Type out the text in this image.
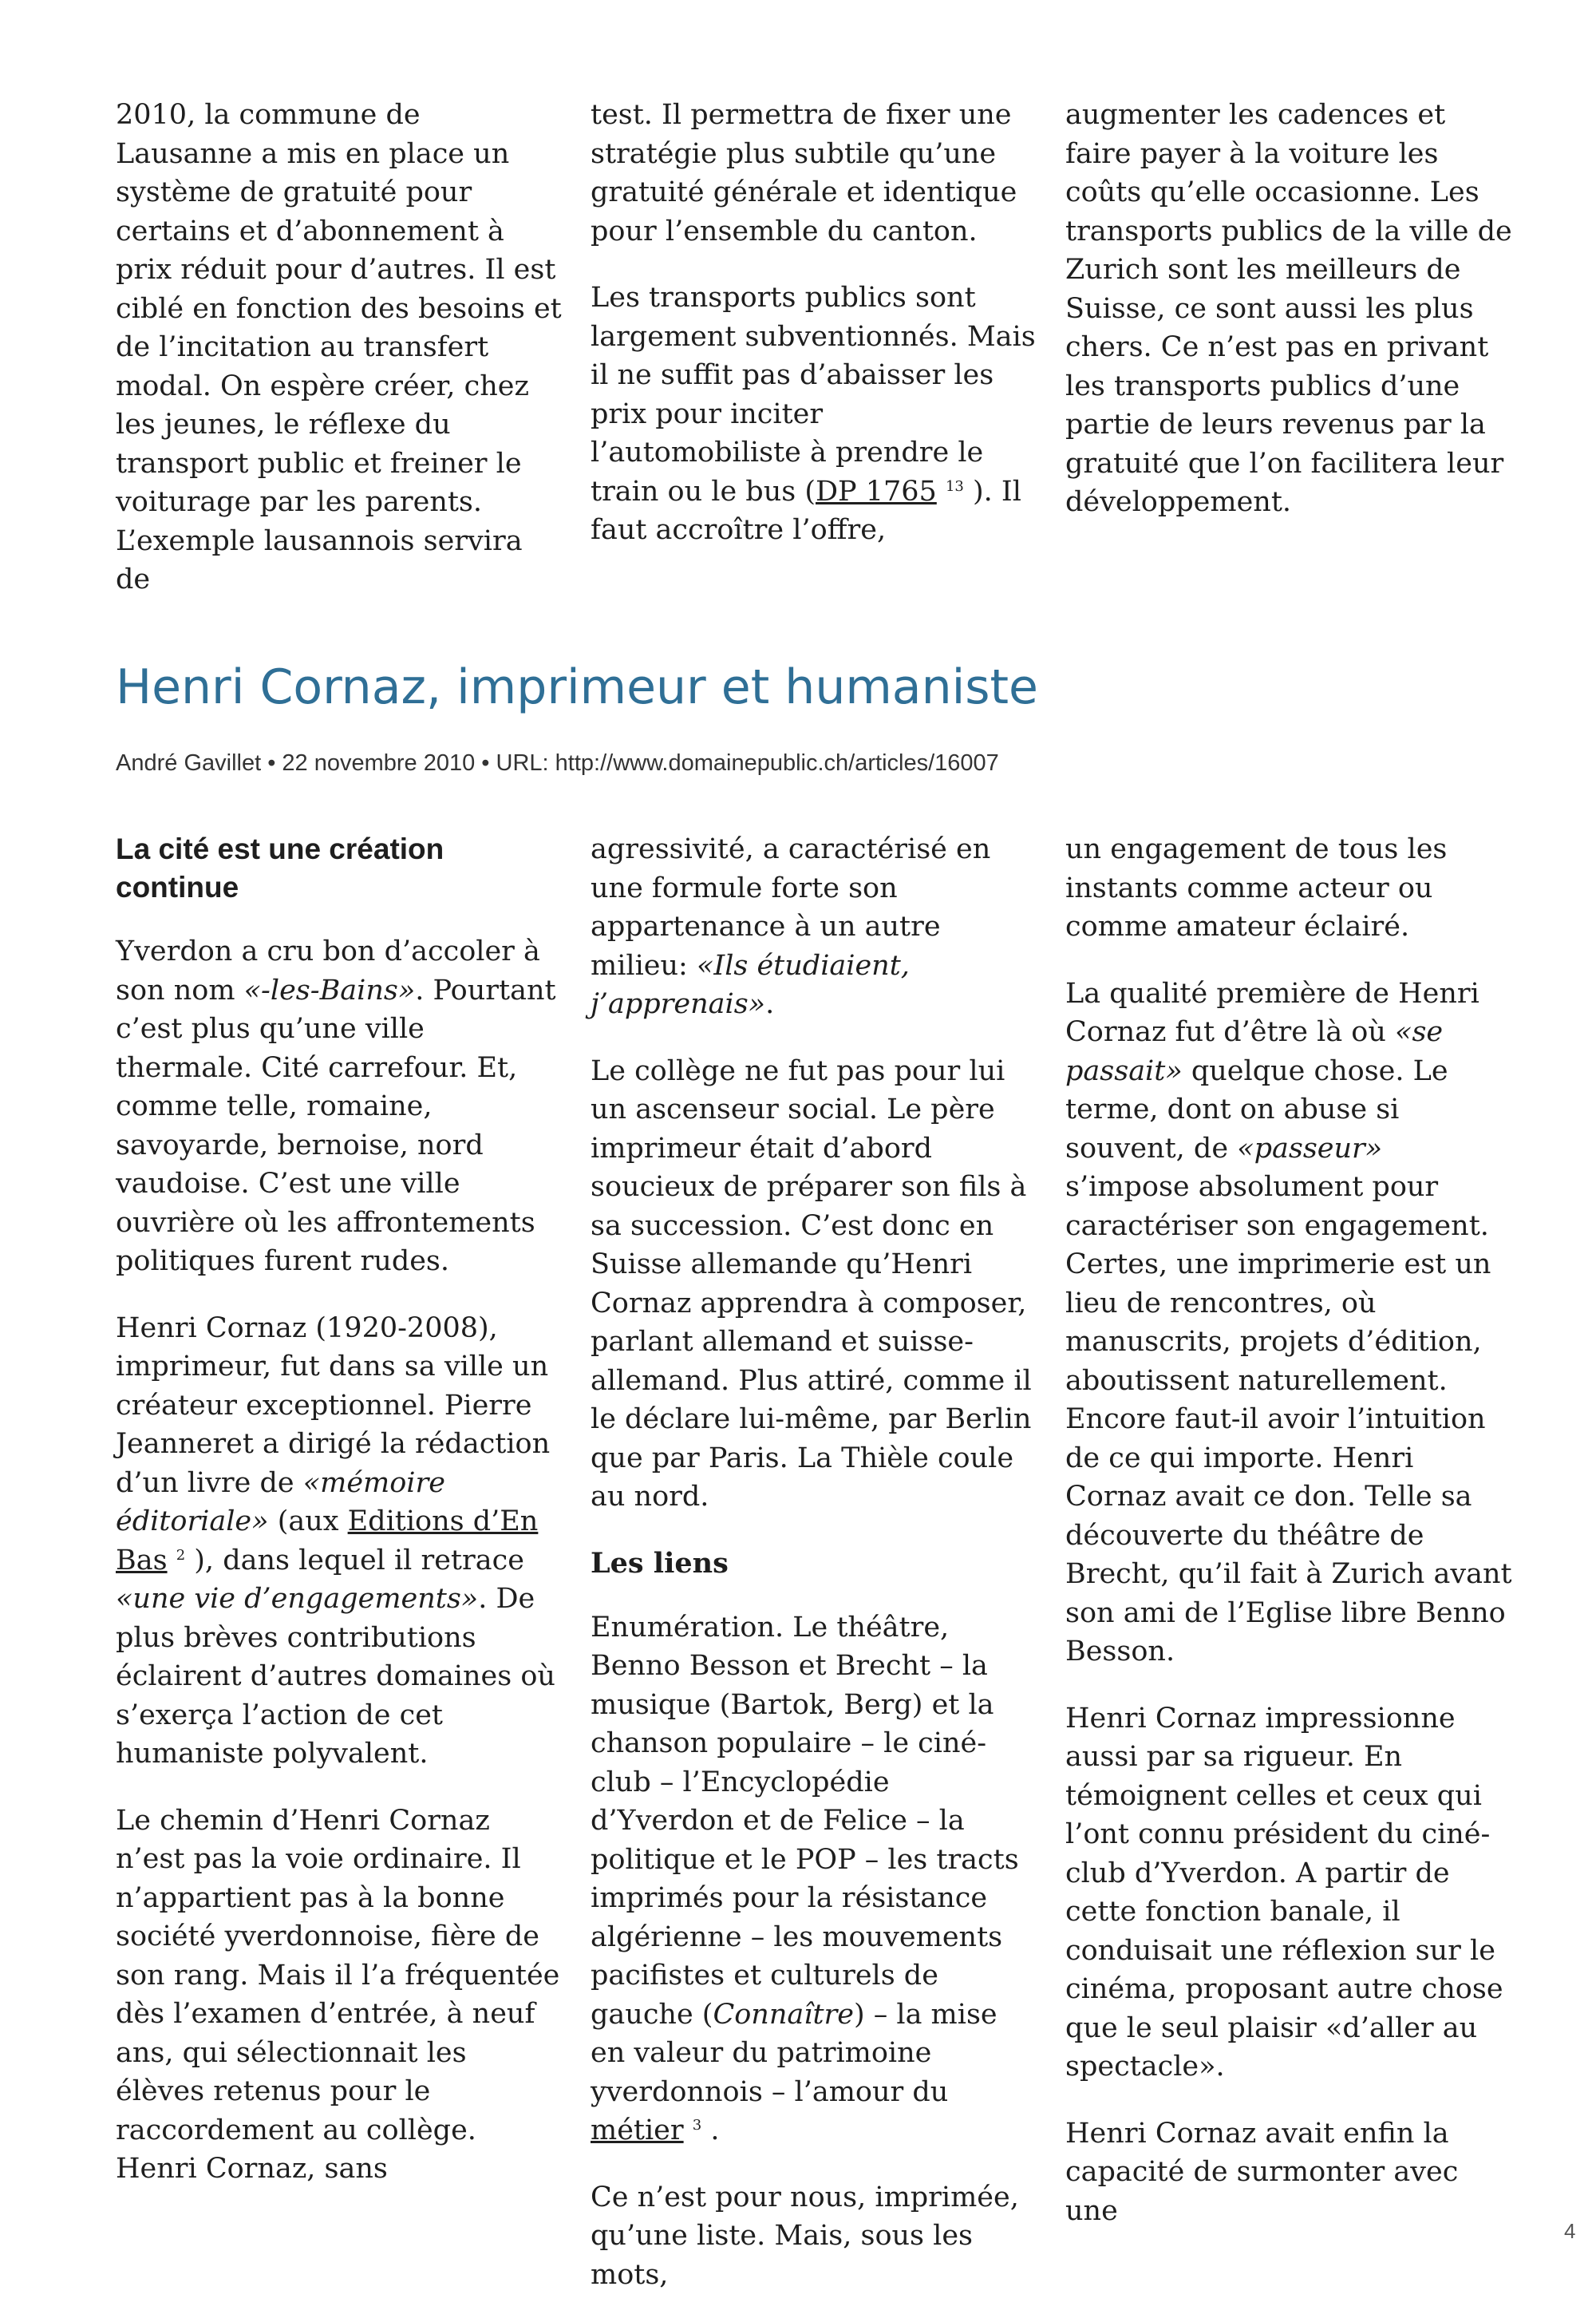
2010, la commune de Lausanne a mis en place un système de gratuité pour certains et d’abonnement à prix réduit pour d’autres. Il est ciblé en fonction des besoins et de l’incitation au transfert modal. On espère créer, chez les jeunes, le réflexe du transport public et freiner le voiturage par les parents. L’exemple lausannois servira de

test. Il permettra de fixer une stratégie plus subtile qu’une gratuité générale et identique pour l’ensemble du canton.

Les transports publics sont largement subventionnés. Mais il ne suffit pas d’abaisser les prix pour inciter l’automobiliste à prendre le train ou le bus (DP 1765 $^{13}$ ). Il faut accroître l’offre,

augmenter les cadences et faire payer à la voiture les coûts qu’elle occasionne. Les transports publics de la ville de Zurich sont les meilleurs de Suisse, ce sont aussi les plus chers. Ce n’est pas en privant les transports publics d’une partie de leurs revenus par la gratuité que l’on facilitera leur développement.

Henri Cornaz, imprimeur et humaniste
André Gavillet • 22 novembre 2010 • URL: http://www.domainepublic.ch/articles/16007
La cité est une création continue

Yverdon a cru bon d’accoler à son nom «-les-Bains». Pourtant c’est plus qu’une ville thermale. Cité carrefour. Et, comme telle, romaine, savoyarde, bernoise, nord vaudoise. C’est une ville ouvrière où les affrontements politiques furent rudes.

Henri Cornaz (1920-2008), imprimeur, fut dans sa ville un créateur exceptionnel. Pierre Jeanneret a dirigé la rédaction d’un livre de «mémoire éditoriale» (aux Editions d’En Bas $^2$ ), dans lequel il retrace «une vie d’engagements». De plus brèves contributions éclairent d’autres domaines où s’exerça l’action de cet humaniste polyvalent.

Le chemin d’Henri Cornaz n’est pas la voie ordinaire. Il n’appartient pas à la bonne société yverdonnoise, fière de son rang. Mais il l’a fréquentée dès l’examen d’entrée, à neuf ans, qui sélectionnait les élèves retenus pour le raccordement au collège. Henri Cornaz, sans

agressivité, a caractérisé en une formule forte son appartenance à un autre milieu: «Ils étudiaient, j’apprenais».

Le collège ne fut pas pour lui un ascenseur social. Le père imprimeur était d’abord soucieux de préparer son fils à sa succession. C’est donc en Suisse allemande qu’Henri Cornaz apprendra à composer, parlant allemand et suisse-allemand. Plus attiré, comme il le déclare lui-même, par Berlin que par Paris. La Thièle coule au nord.

Les liens

Enumération. Le théâtre, Benno Besson et Brecht – la musique (Bartok, Berg) et la chanson populaire – le ciné-club – l’Encyclopédie d’Yverdon et de Felice – la politique et le POP – les tracts imprimés pour la résistance algérienne – les mouvements pacifistes et culturels de gauche (Connaître) – la mise en valeur du patrimoine yverdonnois – l’amour du métier $^3$ .

Ce n’est pour nous, imprimée, qu’une liste. Mais, sous les mots,

un engagement de tous les instants comme acteur ou comme amateur éclairé.

La qualité première de Henri Cornaz fut d’être là où «se passait» quelque chose. Le terme, dont on abuse si souvent, de «passeur» s’impose absolument pour caractériser son engagement. Certes, une imprimerie est un lieu de rencontres, où manuscrits, projets d’édition, aboutissent naturellement. Encore faut-il avoir l’intuition de ce qui importe. Henri Cornaz avait ce don. Telle sa découverte du théâtre de Brecht, qu’il fait à Zurich avant son ami de l’Eglise libre Benno Besson.

Henri Cornaz impressionne aussi par sa rigueur. En témoignent celles et ceux qui l’ont connu président du ciné-club d’Yverdon. A partir de cette fonction banale, il conduisait une réflexion sur le cinéma, proposant autre chose que le seul plaisir «d’aller au spectacle».

Henri Cornaz avait enfin la capacité de surmonter avec une

4
